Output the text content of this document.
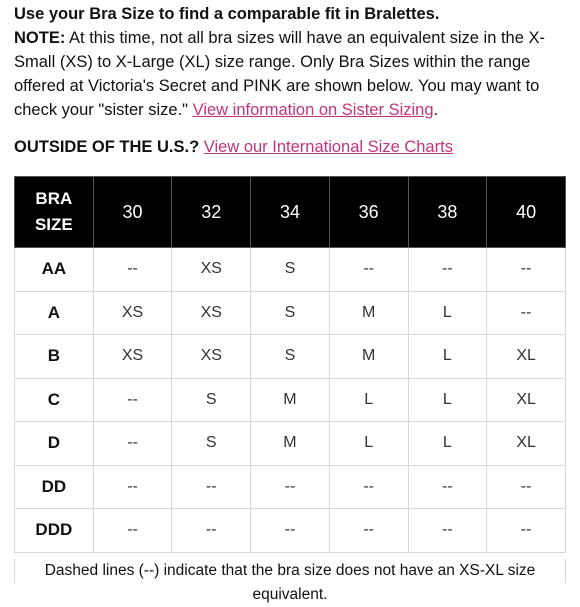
Use your Bra Size to find a comparable fit in Bralettes.
NOTE: At this time, not all bra sizes will have an equivalent size in the X-Small (XS) to X-Large (XL) size range. Only Bra Sizes within the range offered at Victoria's Secret and PINK are shown below. You may want to check your "sister size." View information on Sister Sizing.
OUTSIDE OF THE U.S.? View our International Size Charts
BRA
SIZE	30	32	34	36	38	40
AA	--	XS	S	--	--	--
A	XS	XS	S	M	L	--
B	XS	XS	S	M	L	XL
C	--	S	M	L	L	XL
D	--	S	M	L	L	XL
DD	--	--	--	--	--	--
DDD	--	--	--	--	--	--
Dashed lines (--) indicate that the bra size does not have an XS-XL size equivalent.
